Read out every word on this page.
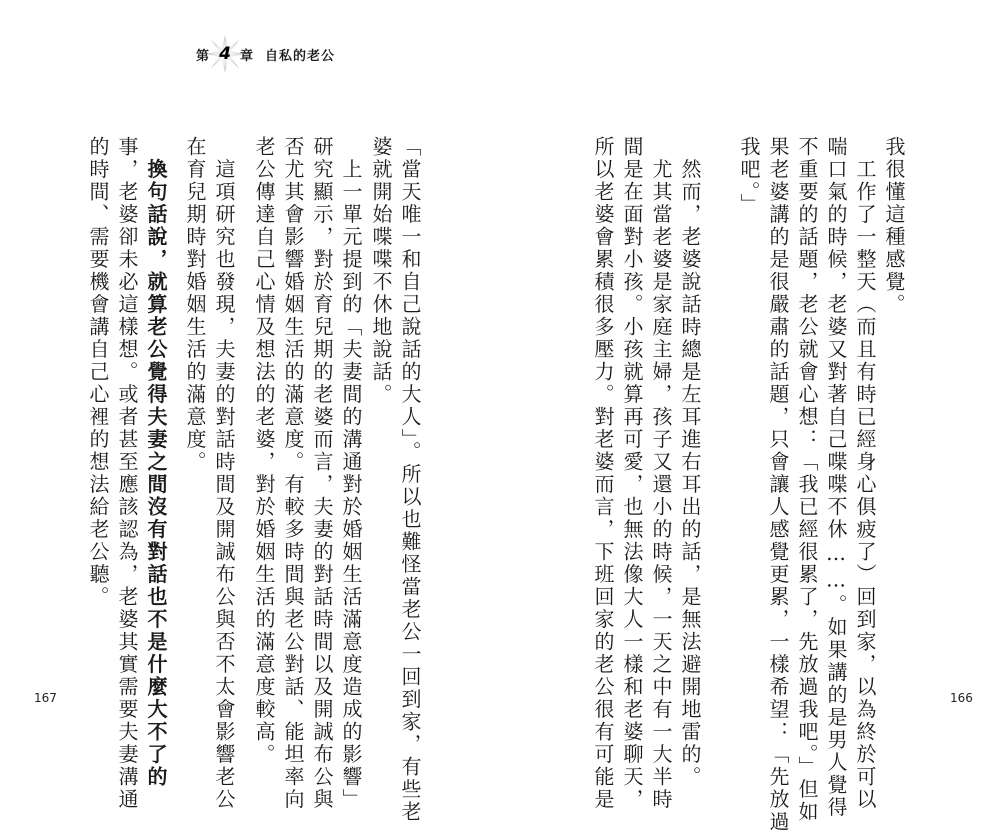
第 4 章 自私的老公
我很懂這種感覺。
　工作了一整天（而且有時已經身心俱疲了）回到家，以為終於可以
喘口氣的時候，老婆又對著自己喋喋不休……。如果講的是男人覺得
不重要的話題，老公就會心想：「我已經很累了，先放過我吧。」但如
果老婆講的是很嚴肅的話題，只會讓人感覺更累，一樣希望：「先放過
我吧。」
　然而，老婆說話時總是左耳進右耳出的話，是無法避開地雷的。
　尤其當老婆是家庭主婦，孩子又還小的時候，一天之中有一大半時
間是在面對小孩。小孩就算再可愛，也無法像大人一樣和老婆聊天，
所以老婆會累積很多壓力。對老婆而言，下班回家的老公很有可能是
「當天唯一和自己說話的大人」。所以也難怪當老公一回到家，有些老
婆就開始喋喋不休地說話。
　上一單元提到的「夫妻間的溝通對於婚姻生活滿意度造成的影響」
研究顯示，對於育兒期的老婆而言，夫妻的對話時間以及開誠布公與
否尤其會影響婚姻生活的滿意度。有較多時間與老公對話、能坦率向
老公傳達自己心情及想法的老婆，對於婚姻生活的滿意度較高。
　這項研究也發現，夫妻的對話時間及開誠布公與否不太會影響老公
在育兒期時對婚姻生活的滿意度。
　換句話說，就算老公覺得夫妻之間沒有對話也不是什麼大不了的
事，老婆卻未必這樣想。或者甚至應該認為，老婆其實需要夫妻溝通
的時間、需要機會講自己心裡的想法給老公聽。
167	166
